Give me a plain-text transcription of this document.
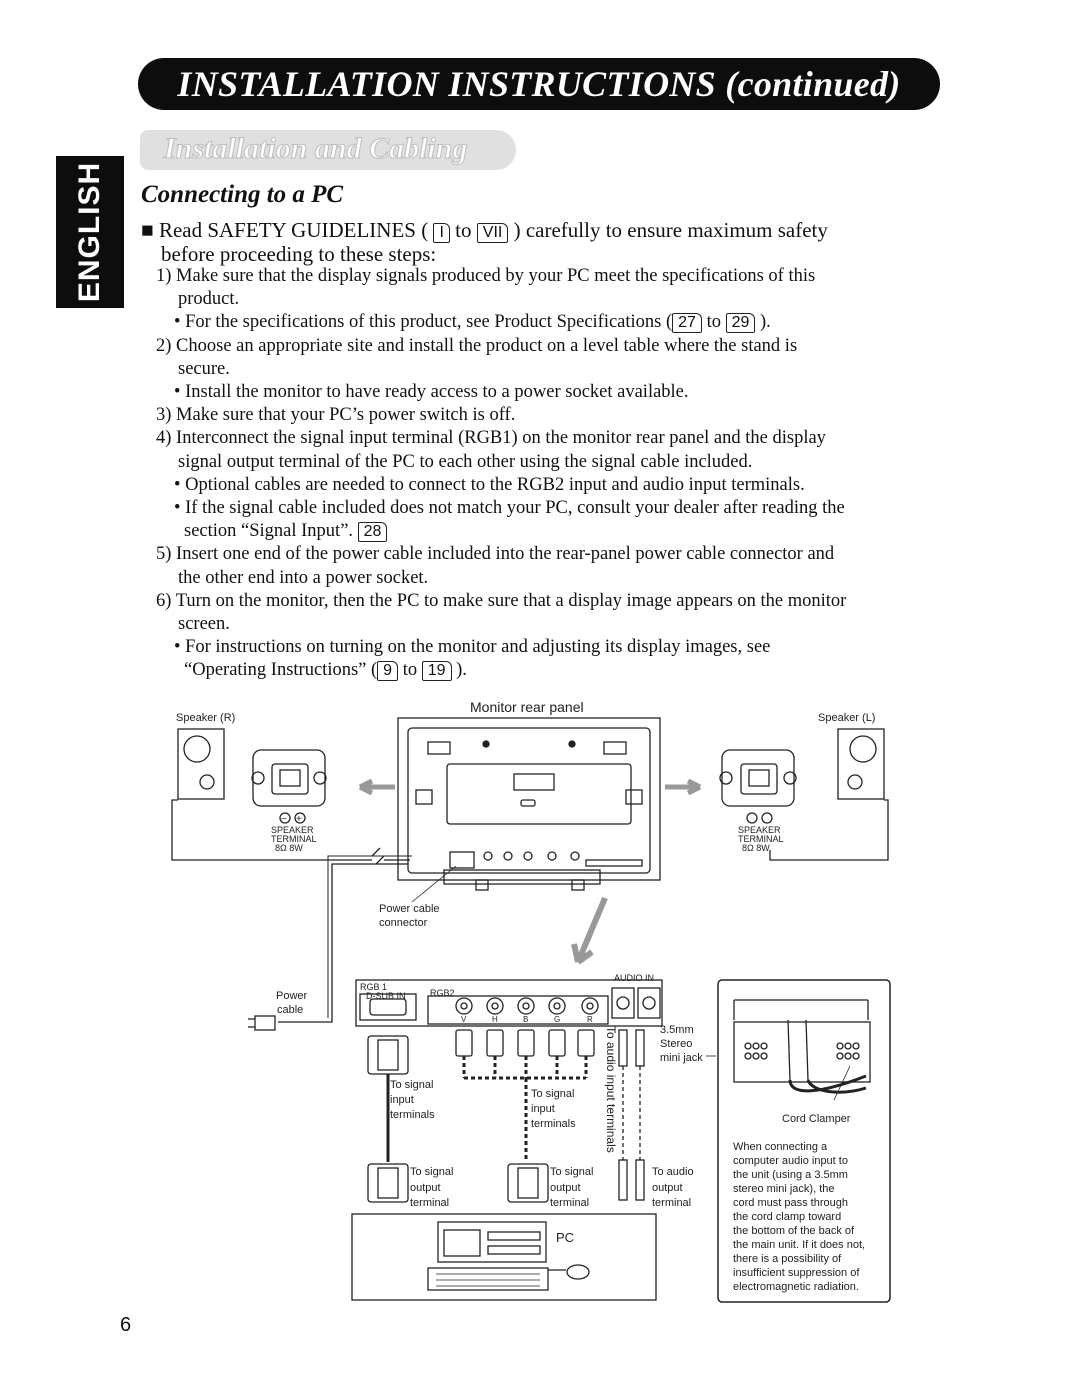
INSTALLATION INSTRUCTIONS (continued)
Installation and Cabling
ENGLISH Connecting to a PC
■ Read SAFETY GUIDELINES ( I to VII ) carefully to ensure maximum safety
before proceeding to these steps:

1) Make sure that the display signals produced by your PC meet the specifications of this
product.

• For the specifications of this product, see Product Specifications ( 27 to 29 ).

2) Choose an appropriate site and install the product on a level table where the stand is
secure.

• Install the monitor to have ready access to a power socket available.

3) Make sure that your PC’s power switch is off.

4) Interconnect the signal input terminal (RGB1) on the monitor rear panel and the display
signal output terminal of the PC to each other using the signal cable included.

• Optional cables are needed to connect to the RGB2 input and audio input terminals.

• If the signal cable included does not match your PC, consult your dealer after reading the
section “Signal Input”. 28

5) Insert one end of the power cable included into the rear-panel power cable connector and
the other end into a power socket.

6) Turn on the monitor, then the PC to make sure that a display image appears on the monitor
screen.

• For instructions on turning on the monitor and adjusting its display images, see
“Operating Instructions” ( 9 to 19 ).

Speaker (R)
− +
SPEAKER
TERMINAL
8Ω 8W
Speaker (L)
SPEAKER
TERMINAL
8Ω 8W
Monitor rear panel
Power
cable
Power cable
connector
RGB 1
D-SUB IN	RGB2
AUDIO IN
V	H	B	G	R
To signal
input
terminals
To signal
output
terminal
To signal
input
terminals
To signal
output
terminal
To audio input terminals	3.5mm
Stereo
mini jack
To audio
output
terminal
PC
Cord Clamper
When connecting a
computer audio input to
the unit (using a 3.5mm
stereo mini jack), the
cord must pass through
the cord clamp toward
the bottom of the back of
the main unit. If it does not,
there is a possibility of
insufficient suppression of
electromagnetic radiation.
6
